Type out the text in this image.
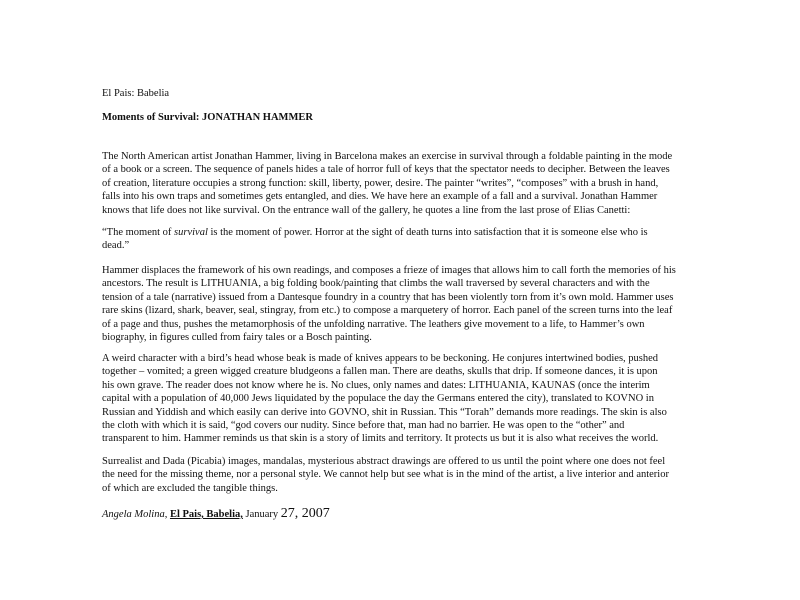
El Pais: Babelia
Moments of Survival: JONATHAN HAMMER

The North American artist Jonathan Hammer, living in Barcelona makes an exercise in survival through a foldable painting in the mode
of a book or a screen. The sequence of panels hides a tale of horror full of keys that the spectator needs to decipher. Between the leaves
of creation, literature occupies a strong function: skill, liberty, power, desire. The painter “writes”, “composes” with a brush in hand,
falls into his own traps and sometimes gets entangled, and dies. We have here an example of a fall and a survival. Jonathan Hammer
knows that life does not like survival. On the entrance wall of the gallery, he quotes a line from the last prose of Elias Canetti:

“The moment of survival is the moment of power. Horror at the sight of death turns into satisfaction that it is someone else who is
dead.”

Hammer displaces the framework of his own readings, and composes a frieze of images that allows him to call forth the memories of his
ancestors. The result is LITHUANIA, a big folding book/painting that climbs the wall traversed by several characters and with the
tension of a tale (narrative) issued from a Dantesque foundry in a country that has been violently torn from it’s own mold. Hammer uses
rare skins (lizard, shark, beaver, seal, stingray, from etc.) to compose a marquetery of horror. Each panel of the screen turns into the leaf
of a page and thus, pushes the metamorphosis of the unfolding narrative. The leathers give movement to a life, to Hammer’s own
biography, in figures culled from fairy tales or a Bosch painting.

A weird character with a bird’s head whose beak is made of knives appears to be beckoning. He conjures intertwined bodies, pushed
together – vomited; a green wigged creature bludgeons a fallen man. There are deaths, skulls that drip. If someone dances, it is upon
his own grave. The reader does not know where he is. No clues, only names and dates: LITHUANIA, KAUNAS (once the interim
capital with a population of 40,000 Jews liquidated by the populace the day the Germans entered the city), translated to KOVNO in
Russian and Yiddish and which easily can derive into GOVNO, shit in Russian. This “Torah” demands more readings. The skin is also
the cloth with which it is said, “god covers our nudity. Since before that, man had no barrier. He was open to the “other” and
transparent to him. Hammer reminds us that skin is a story of limits and territory. It protects us but it is also what receives the world.

Surrealist and Dada (Picabia) images, mandalas, mysterious abstract drawings are offered to us until the point where one does not feel
the need for the missing theme, nor a personal style. We cannot help but see what is in the mind of the artist, a live interior and anterior
of which are excluded the tangible things.

Angela Molina, El Pais, Babelia, January 27, 2007
